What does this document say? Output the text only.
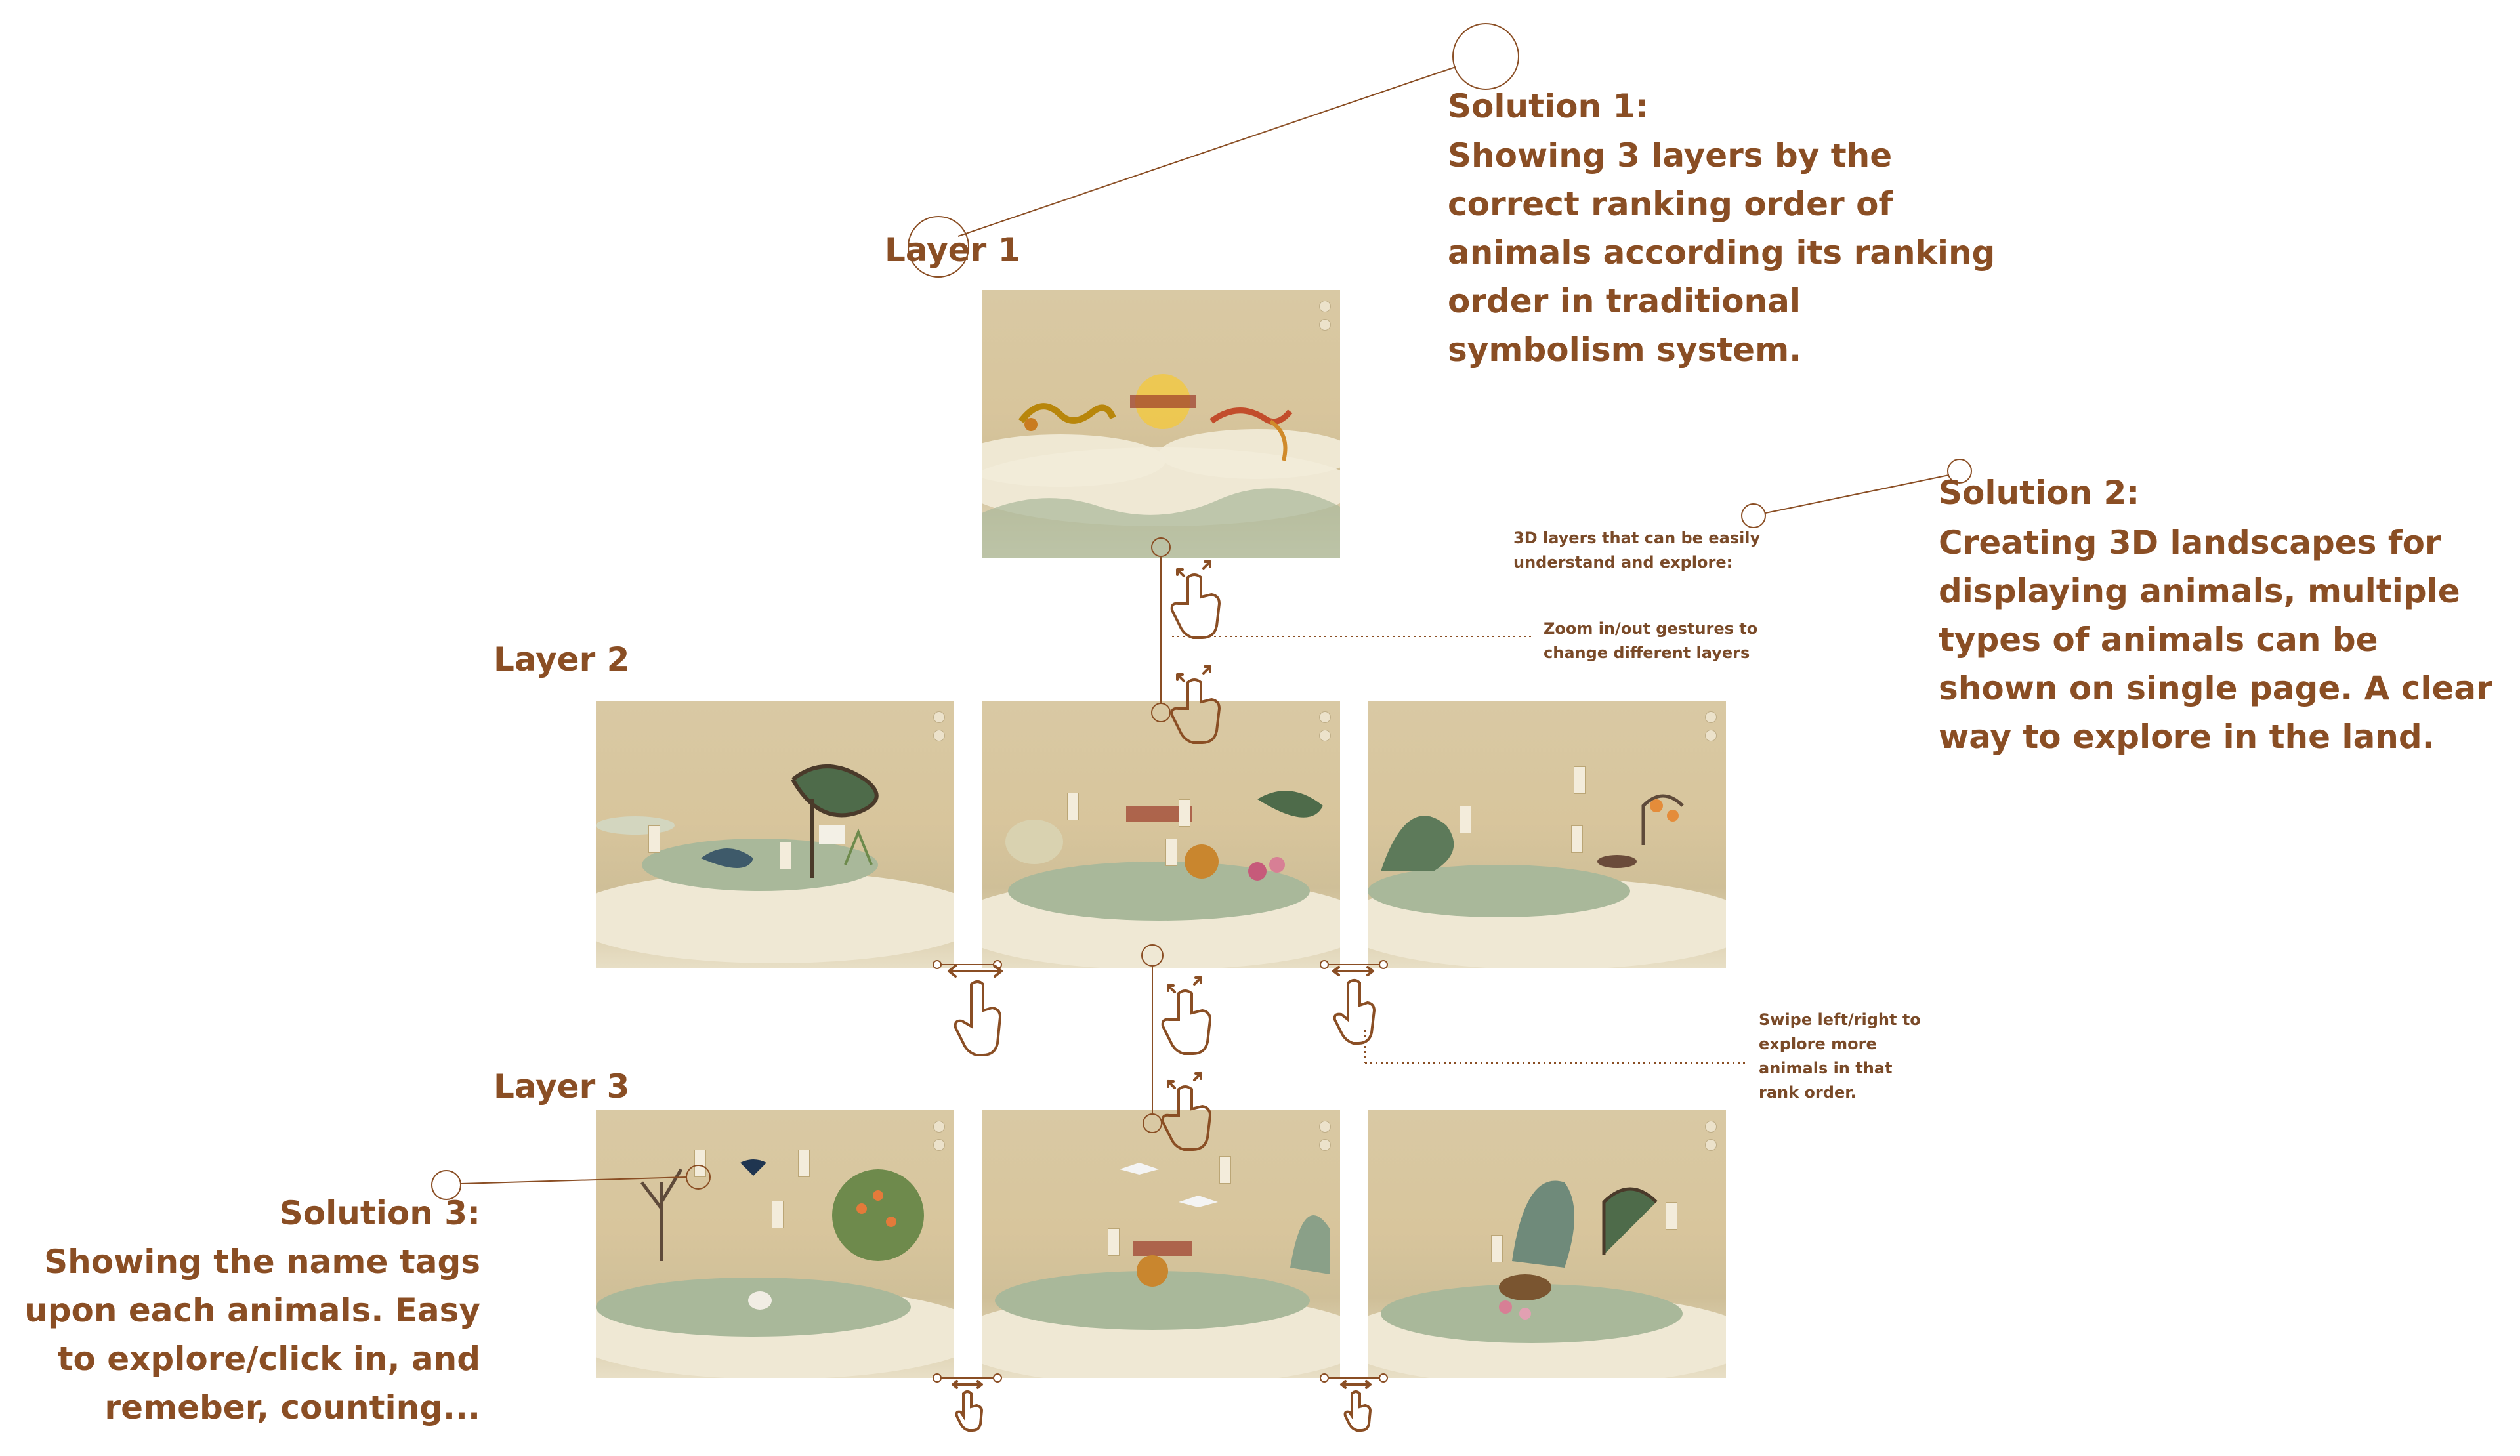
Layer 1
Layer 2
Layer 3
Solution 1:
Showing 3 layers by the
correct ranking order of
animals according its ranking
order in traditional
symbolism system.
Solution 2:
Creating 3D landscapes for
displaying animals, multiple
types of animals can be
shown on single page. A clear
way to explore in the land.
Solution 3:
Showing the name tags
upon each animals. Easy
to explore/click in, and
remeber, counting...
3D layers that can be easily
understand and explore:
Zoom in/out gestures to
change different layers
Swipe left/right to
explore more
animals in that
rank order.
